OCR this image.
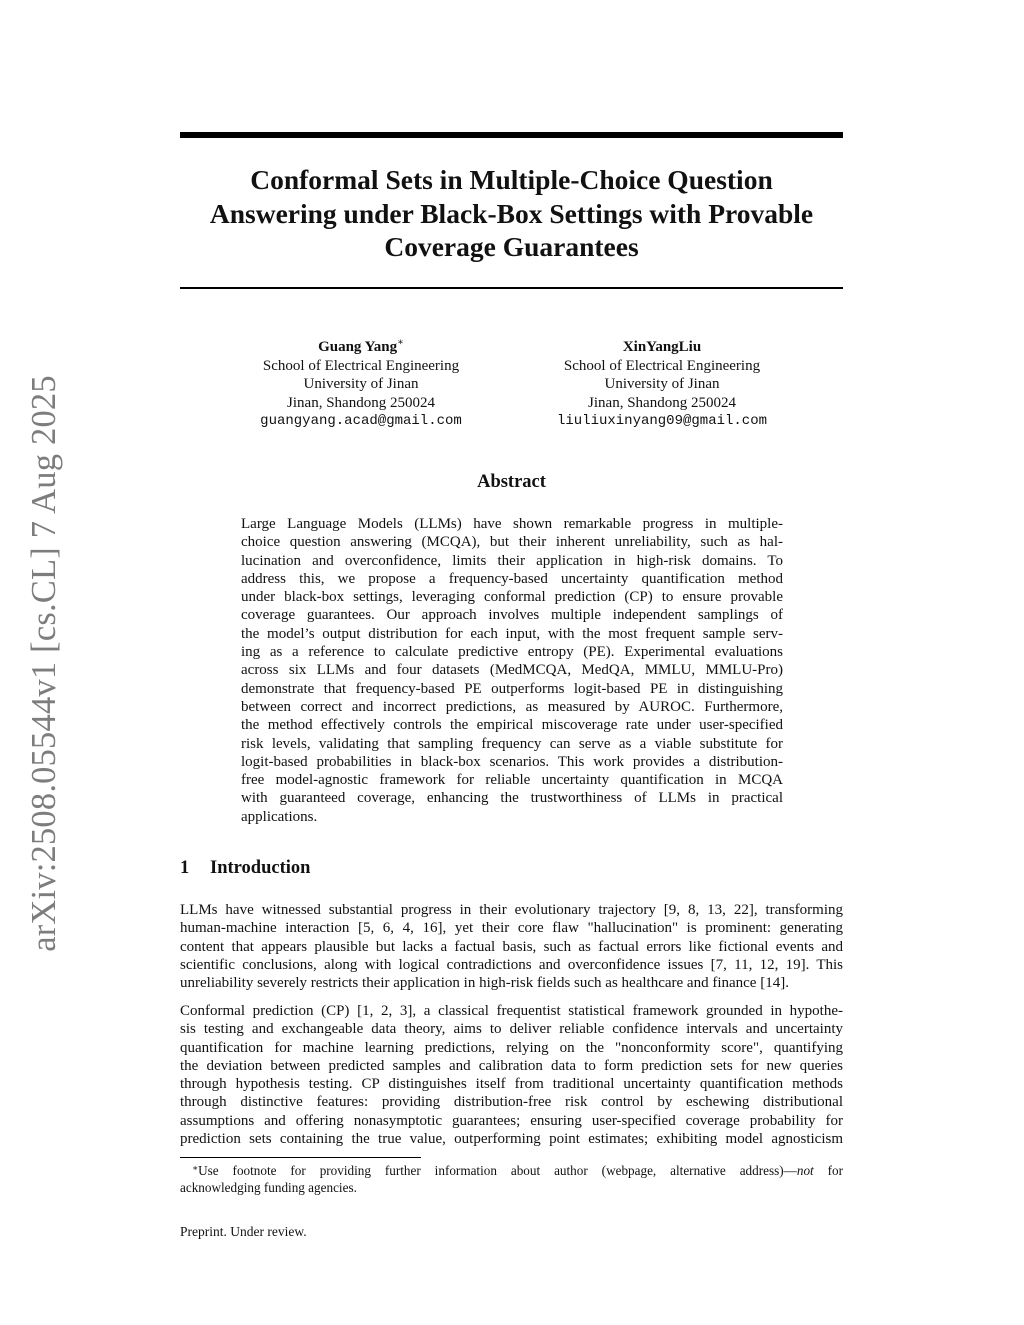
arXiv:2508.05544v1 [cs.CL] 7 Aug 2025
Conformal Sets in Multiple-Choice Question
Answering under Black-Box Settings with Provable
Coverage Guarantees
Guang Yang∗
School of Electrical Engineering
University of Jinan
Jinan, Shandong 250024
guangyang.acad@gmail.com
XinYangLiu
School of Electrical Engineering
University of Jinan
Jinan, Shandong 250024
liuliuxinyang09@gmail.com
Abstract

Large Language Models (LLMs) have shown remarkable progress in multiple-
choice question answering (MCQA), but their inherent unreliability, such as hal-
lucination and overconfidence, limits their application in high-risk domains. To
address this, we propose a frequency-based uncertainty quantification method
under black-box settings, leveraging conformal prediction (CP) to ensure provable
coverage guarantees. Our approach involves multiple independent samplings of
the model’s output distribution for each input, with the most frequent sample serv-
ing as a reference to calculate predictive entropy (PE). Experimental evaluations
across six LLMs and four datasets (MedMCQA, MedQA, MMLU, MMLU-Pro)
demonstrate that frequency-based PE outperforms logit-based PE in distinguishing
between correct and incorrect predictions, as measured by AUROC. Furthermore,
the method effectively controls the empirical miscoverage rate under user-specified
risk levels, validating that sampling frequency can serve as a viable substitute for
logit-based probabilities in black-box scenarios. This work provides a distribution-
free model-agnostic framework for reliable uncertainty quantification in MCQA
with guaranteed coverage, enhancing the trustworthiness of LLMs in practical
applications.

1 Introduction

LLMs have witnessed substantial progress in their evolutionary trajectory [9, 8, 13, 22], transforming
human-machine interaction [5, 6, 4, 16], yet their core flaw "hallucination" is prominent: generating
content that appears plausible but lacks a factual basis, such as factual errors like fictional events and
scientific conclusions, along with logical contradictions and overconfidence issues [7, 11, 12, 19]. This
unreliability severely restricts their application in high-risk fields such as healthcare and finance [14].

Conformal prediction (CP) [1, 2, 3], a classical frequentist statistical framework grounded in hypothe-
sis testing and exchangeable data theory, aims to deliver reliable confidence intervals and uncertainty
quantification for machine learning predictions, relying on the "nonconformity score", quantifying
the deviation between predicted samples and calibration data to form prediction sets for new queries
through hypothesis testing. CP distinguishes itself from traditional uncertainty quantification methods
through distinctive features: providing distribution-free risk control by eschewing distributional
assumptions and offering nonasymptotic guarantees; ensuring user-specified coverage probability for
prediction sets containing the true value, outperforming point estimates; exhibiting model agnosticism

∗Use footnote for providing further information about author (webpage, alternative address)—not for
acknowledging funding agencies.

Preprint. Under review.
